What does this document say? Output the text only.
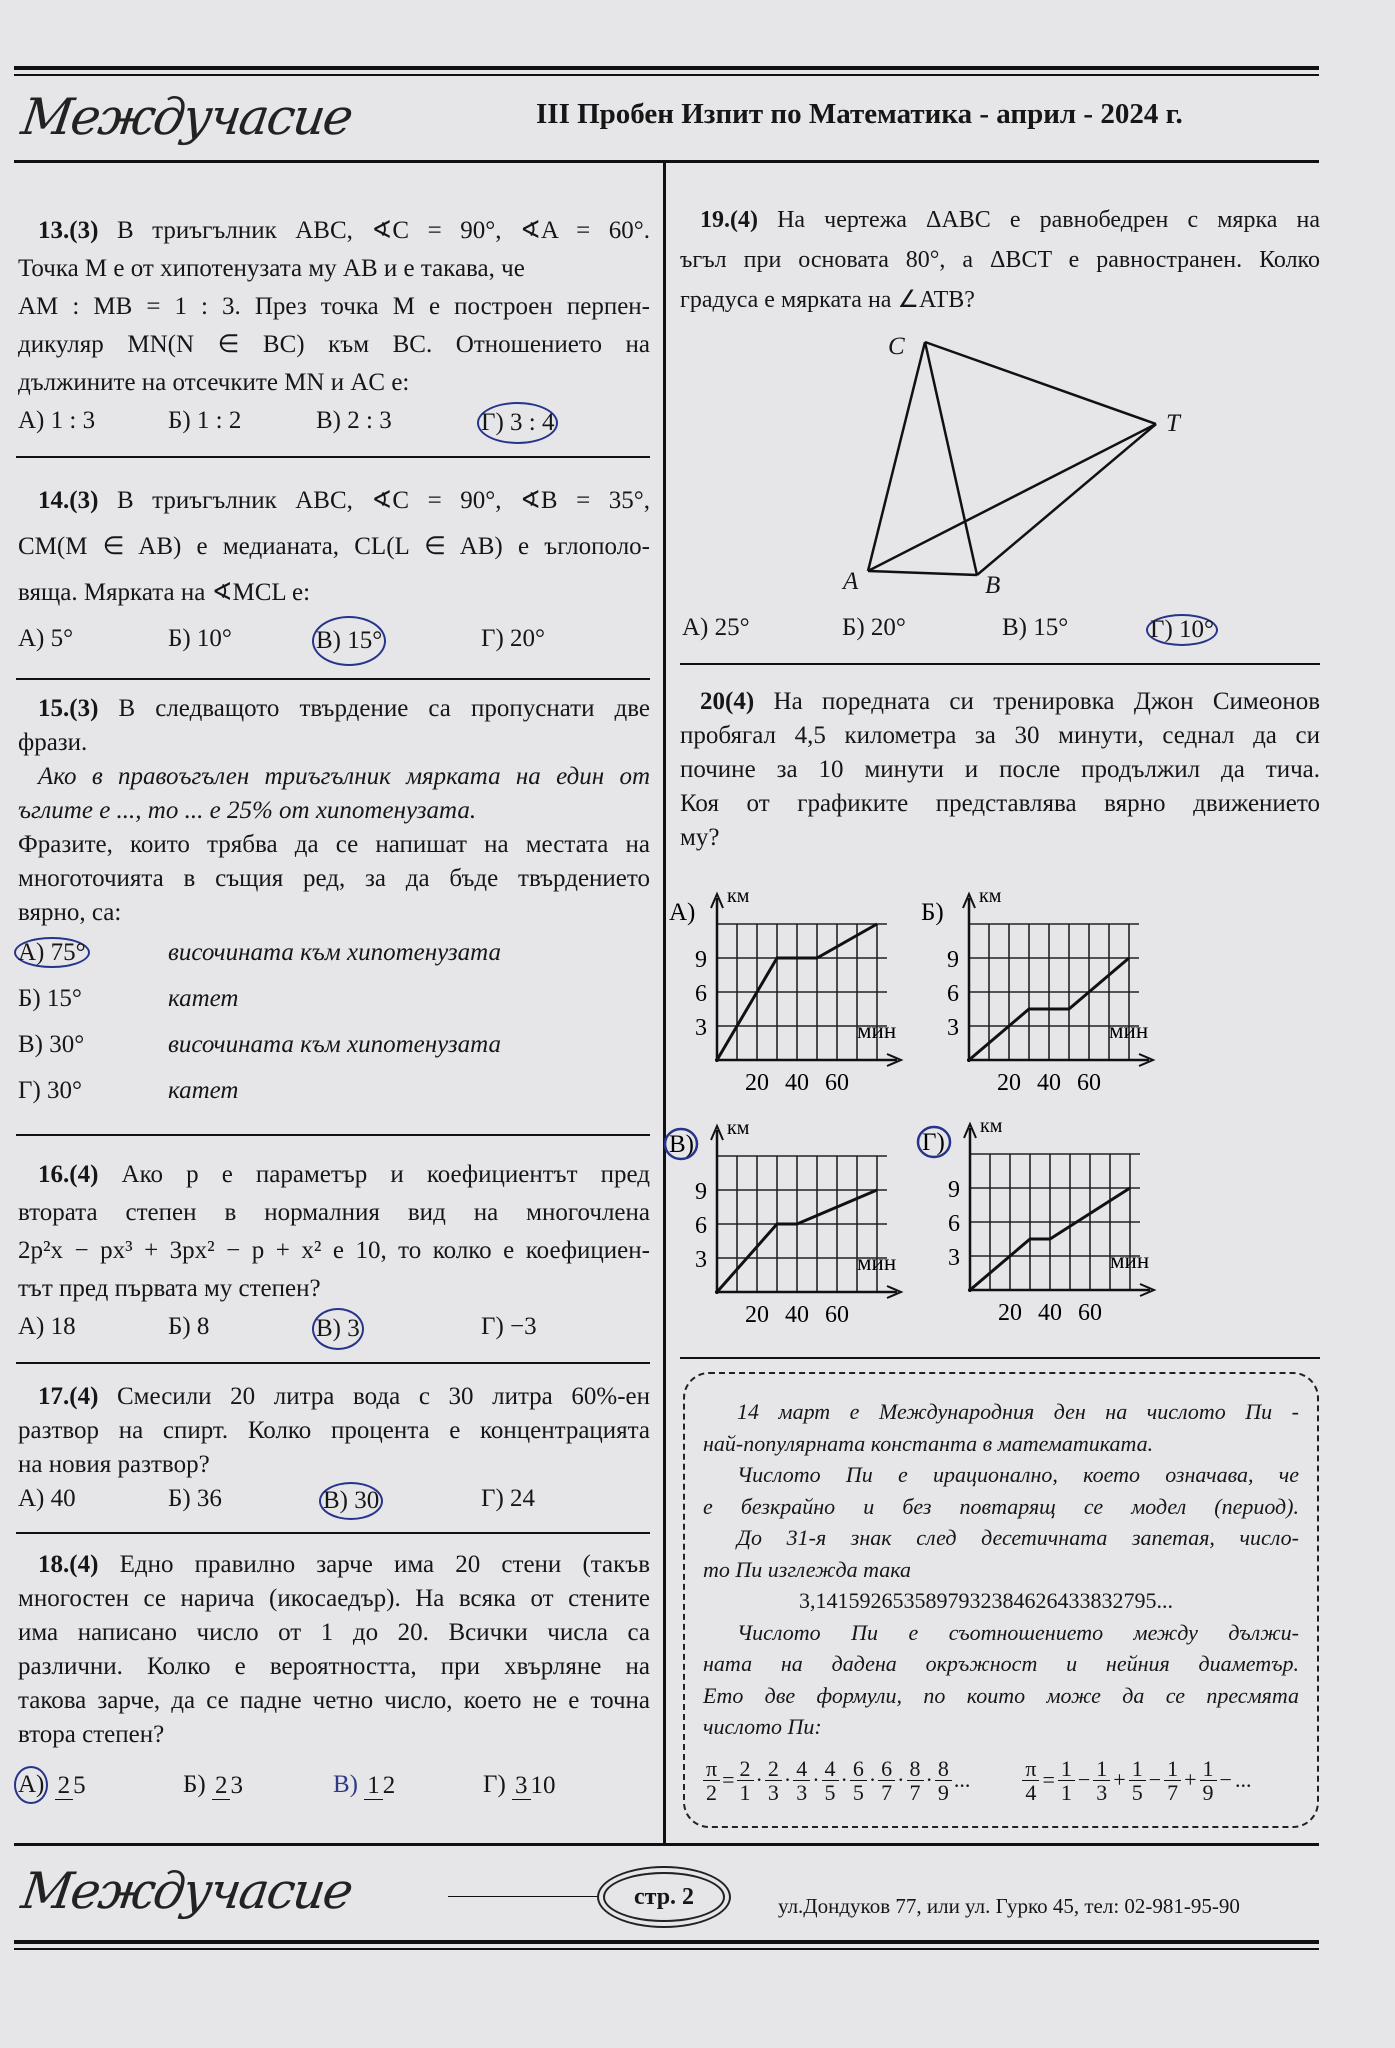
Междучасие	III Пробен Изпит по Математика - април - 2024 г.
13.(3) В триъгълник ABC, ∢C = 90°, ∢A = 60°.
Точка M е от хипотенузата му AB и е такава, че
AM : MB = 1 : 3. През точка M е построен перпен-
дикуляр MN(N ∈ BC) към BC. Отношението на
дължините на отсечките MN и AC е:
А) 1 : 3	Б) 1 : 2	В) 2 : 3	Г) 3 : 4
14.(3) В триъгълник ABC, ∢C = 90°, ∢B = 35°,
CM(M ∈ AB) е медианата, CL(L ∈ AB) е ъглополо-
вяща. Мярката на ∢MCL е:
А) 5°	Б) 10°	В) 15°	Г) 20°
15.(3) В следващото твърдение са пропуснати две
фрази.
Ако в правоъгълен триъгълник мярката на един от
ъглите е ..., то ... е 25% от хипотенузата.
Фразите, които трябва да се напишат на местата на
многоточията в същия ред, за да бъде твърдението
вярно, са:
А) 75°	височината към хипотенузата
Б) 15°	катет
В) 30°	височината към хипотенузата
Г) 30°	катет
16.(4) Ако p е параметър и коефициентът пред
втората степен в нормалния вид на многочлена
2p²x − px³ + 3px² − p + x² е 10, то колко е коефициен-
тът пред първата му степен?
А) 18	Б) 8	В) 3	Г) −3
17.(4) Смесили 20 литра вода с 30 литра 60%-ен
разтвор на спирт. Колко процента е концентрацията
на новия разтвор?
А) 40	Б) 36	В) 30	Г) 24
18.(4) Едно правилно зарче има 20 стени (такъв
многостен се нарича (икосаедър). На всяка от стените
има написано число от 1 до 20. Всички числа са
различни. Колко е вероятността, при хвърляне на
такова зарче, да се падне четно число, което не е точна
втора степен?
А) 2 5	Б) 2 3	В) 1 2	Г) 3 10
19.(4) На чертежа ΔABC е равнобедрен с мярка на
ъгъл при основата 80°, а ΔBCT е равностранен. Колко
градуса е мярката на ∠ATB?
C
T
A	B
А) 25°	Б) 20°	В) 15°	Г) 10°
20(4) На поредната си тренировка Джон Симеонов
пробягал 4,5 километра за 30 минути, седнал да си
почине за 10 минути и после продължил да тича.
Коя от графиките представлява вярно движението
му?
км
мин
3
6
9
20 40 60
А)
км
мин
3
6
9
20 40 60
Б)
км
мин
3
6
9
20 40 60
В)
км
мин
3
6
9
20 40 60
Г)
14 март е Международния ден на числото Пи -
най-популярната константа в математиката.
Числото Пи е ирационално, което означава, че
е безкрайно и без повтарящ се модел (период).
До 31-я знак след десетичната запетая, число-
то Пи изглежда така
3,1415926535897932384626433832795...
Числото Пи е съотношението между дължи-
ната на дадена окръжност и нейния диаметър.
Ето две формули, по които може да се пресмята
числото Пи:
$\frac{\pi}{2} = \frac{2}{1} \cdot \frac{2}{3} \cdot \frac{4}{3} \cdot \frac{4}{5} \cdot \frac{6}{5} \cdot \frac{6}{7} \cdot \frac{8}{7} \cdot \frac{8}{9}$ ... $\frac{\pi}{4} = \frac{1}{1} - \frac{1}{3} + \frac{1}{5} - \frac{1}{7} + \frac{1}{9}$ − ...
Междучасие	стр. 2	ул.Дондуков 77, или ул. Гурко 45, тел: 02-981-95-90
